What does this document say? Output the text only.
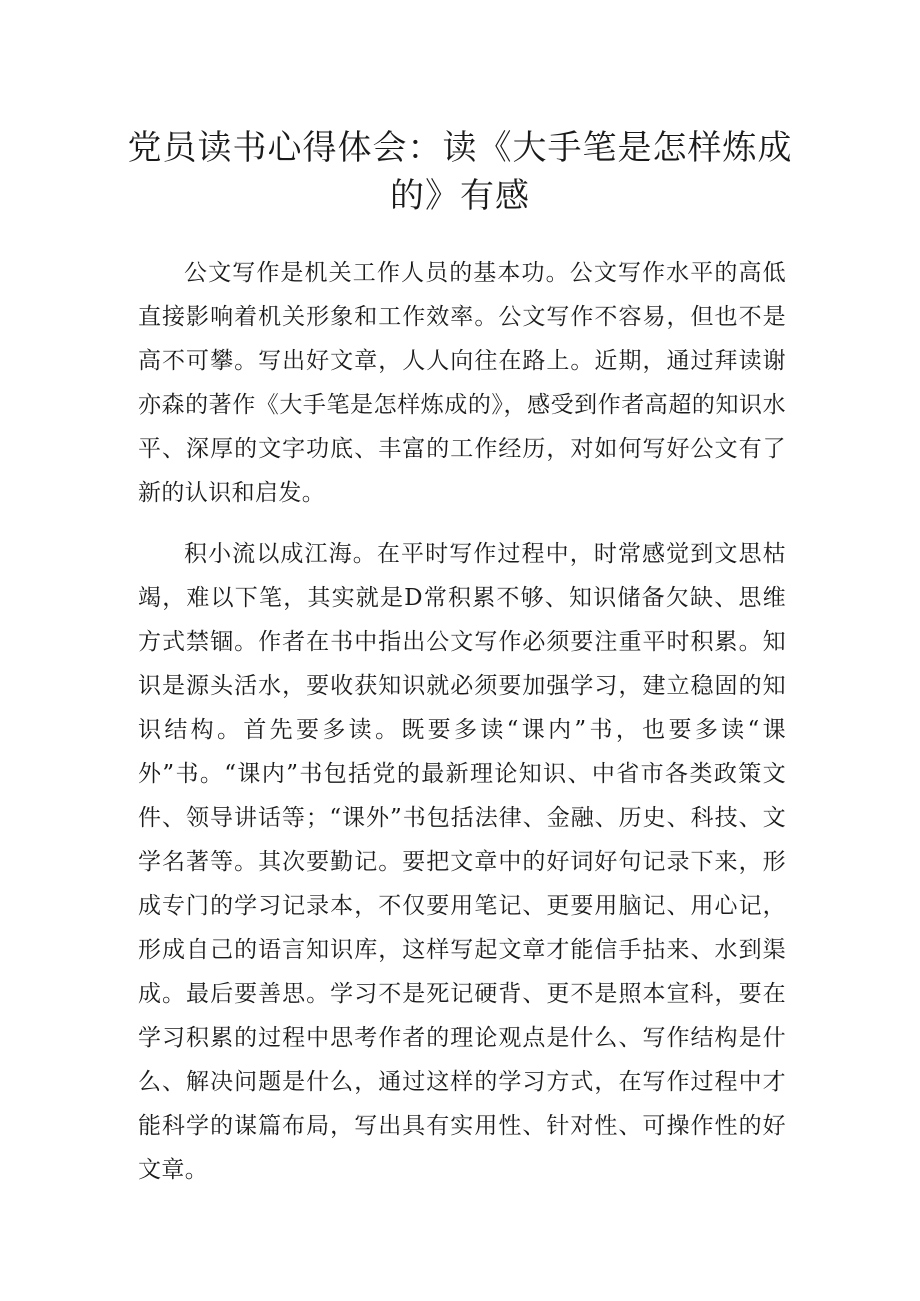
党员读书心得体会：读《大手笔是怎样炼成的》有感

公文写作是机关工作人员的基本功。公文写作水平的高低直接影响着机关形象和工作效率。公文写作不容易，但也不是高不可攀。写出好文章，人人向往在路上。近期，通过拜读谢亦森的著作《大手笔是怎样炼成的》，感受到作者高超的知识水平、深厚的文字功底、丰富的工作经历，对如何写好公文有了新的认识和启发。

积小流以成江海。在平时写作过程中，时常感觉到文思枯竭，难以下笔，其实就是D常积累不够、知识储备欠缺、思维方式禁锢。作者在书中指出公文写作必须要注重平时积累。知识是源头活水，要收获知识就必须要加强学习，建立稳固的知识结构。首先要多读。既要多读“课内”书，也要多读“课外”书。“课内”书包括党的最新理论知识、中省市各类政策文件、领导讲话等；“课外”书包括法律、金融、历史、科技、文学名著等。其次要勤记。要把文章中的好词好句记录下来，形成专门的学习记录本，不仅要用笔记、更要用脑记、用心记，形成自己的语言知识库，这样写起文章才能信手拈来、水到渠成。最后要善思。学习不是死记硬背、更不是照本宣科，要在学习积累的过程中思考作者的理论观点是什么、写作结构是什么、解决问题是什么，通过这样的学习方式，在写作过程中才能科学的谋篇布局，写出具有实用性、针对性、可操作性的好文章。
